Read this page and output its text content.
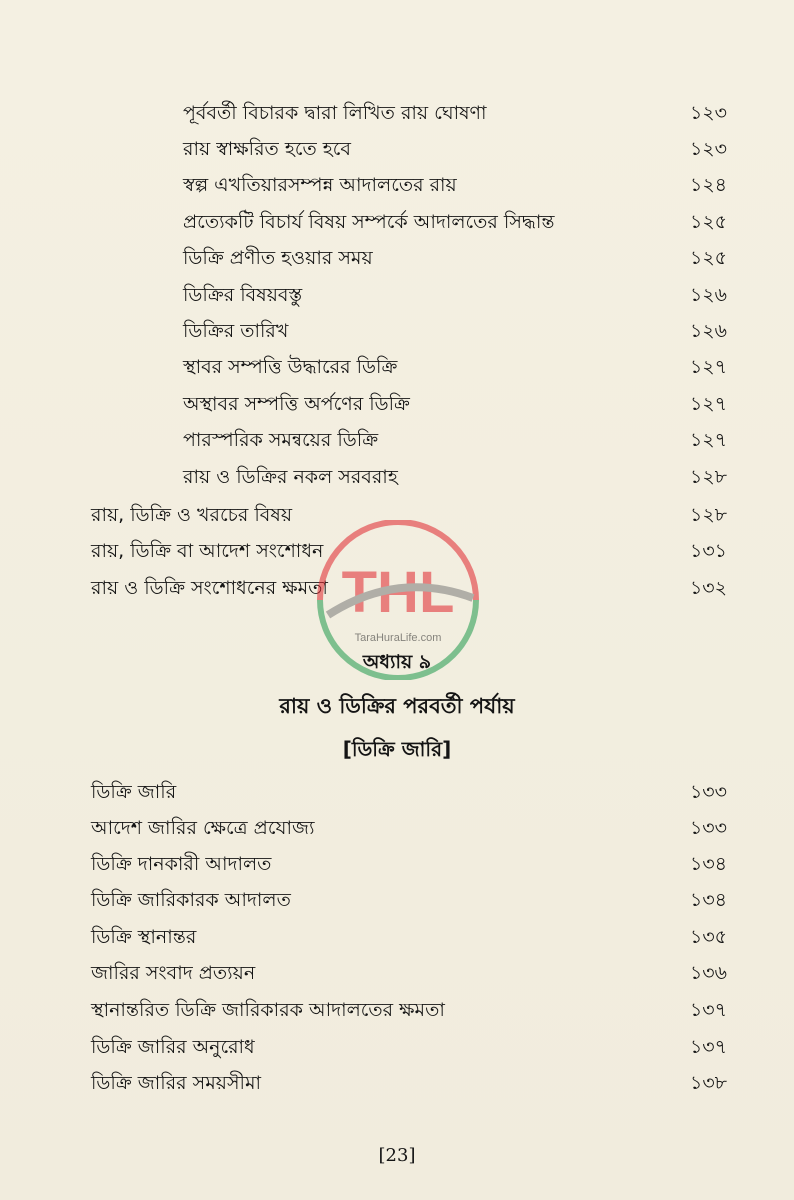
পূর্ববর্তী বিচারক দ্বারা লিখিত রায় ঘোষণা	১২৩
রায় স্বাক্ষরিত হতে হবে	১২৩
স্বল্প এখতিয়ারসম্পন্ন আদালতের রায়	১২৪
প্রত্যেকটি বিচার্য বিষয় সম্পর্কে আদালতের সিদ্ধান্ত	১২৫
ডিক্রি প্রণীত হওয়ার সময়	১২৫
ডিক্রির বিষয়বস্তু	১২৬
ডিক্রির তারিখ	১২৬
স্থাবর সম্পত্তি উদ্ধারের ডিক্রি	১২৭
অস্থাবর সম্পত্তি অর্পণের ডিক্রি	১২৭
পারস্পরিক সমন্বয়ের ডিক্রি	১২৭
রায় ও ডিক্রির নকল সরবরাহ	১২৮
রায়, ডিক্রি ও খরচের বিষয়	১২৮
রায়, ডিক্রি বা আদেশ সংশোধন	১৩১
রায় ও ডিক্রি সংশোধনের ক্ষমতা	১৩২
THL
TaraHuraLife.com
অধ্যায় ৯
রায় ও ডিক্রির পরবর্তী পর্যায়
[ডিক্রি জারি]
ডিক্রি জারি	১৩৩
আদেশ জারির ক্ষেত্রে প্রযোজ্য	১৩৩
ডিক্রি দানকারী আদালত	১৩৪
ডিক্রি জারিকারক আদালত	১৩৪
ডিক্রি স্থানান্তর	১৩৫
জারির সংবাদ প্রত্যয়ন	১৩৬
স্থানান্তরিত ডিক্রি জারিকারক আদালতের ক্ষমতা	১৩৭
ডিক্রি জারির অনুরোধ	১৩৭
ডিক্রি জারির সময়সীমা	১৩৮
[23]
